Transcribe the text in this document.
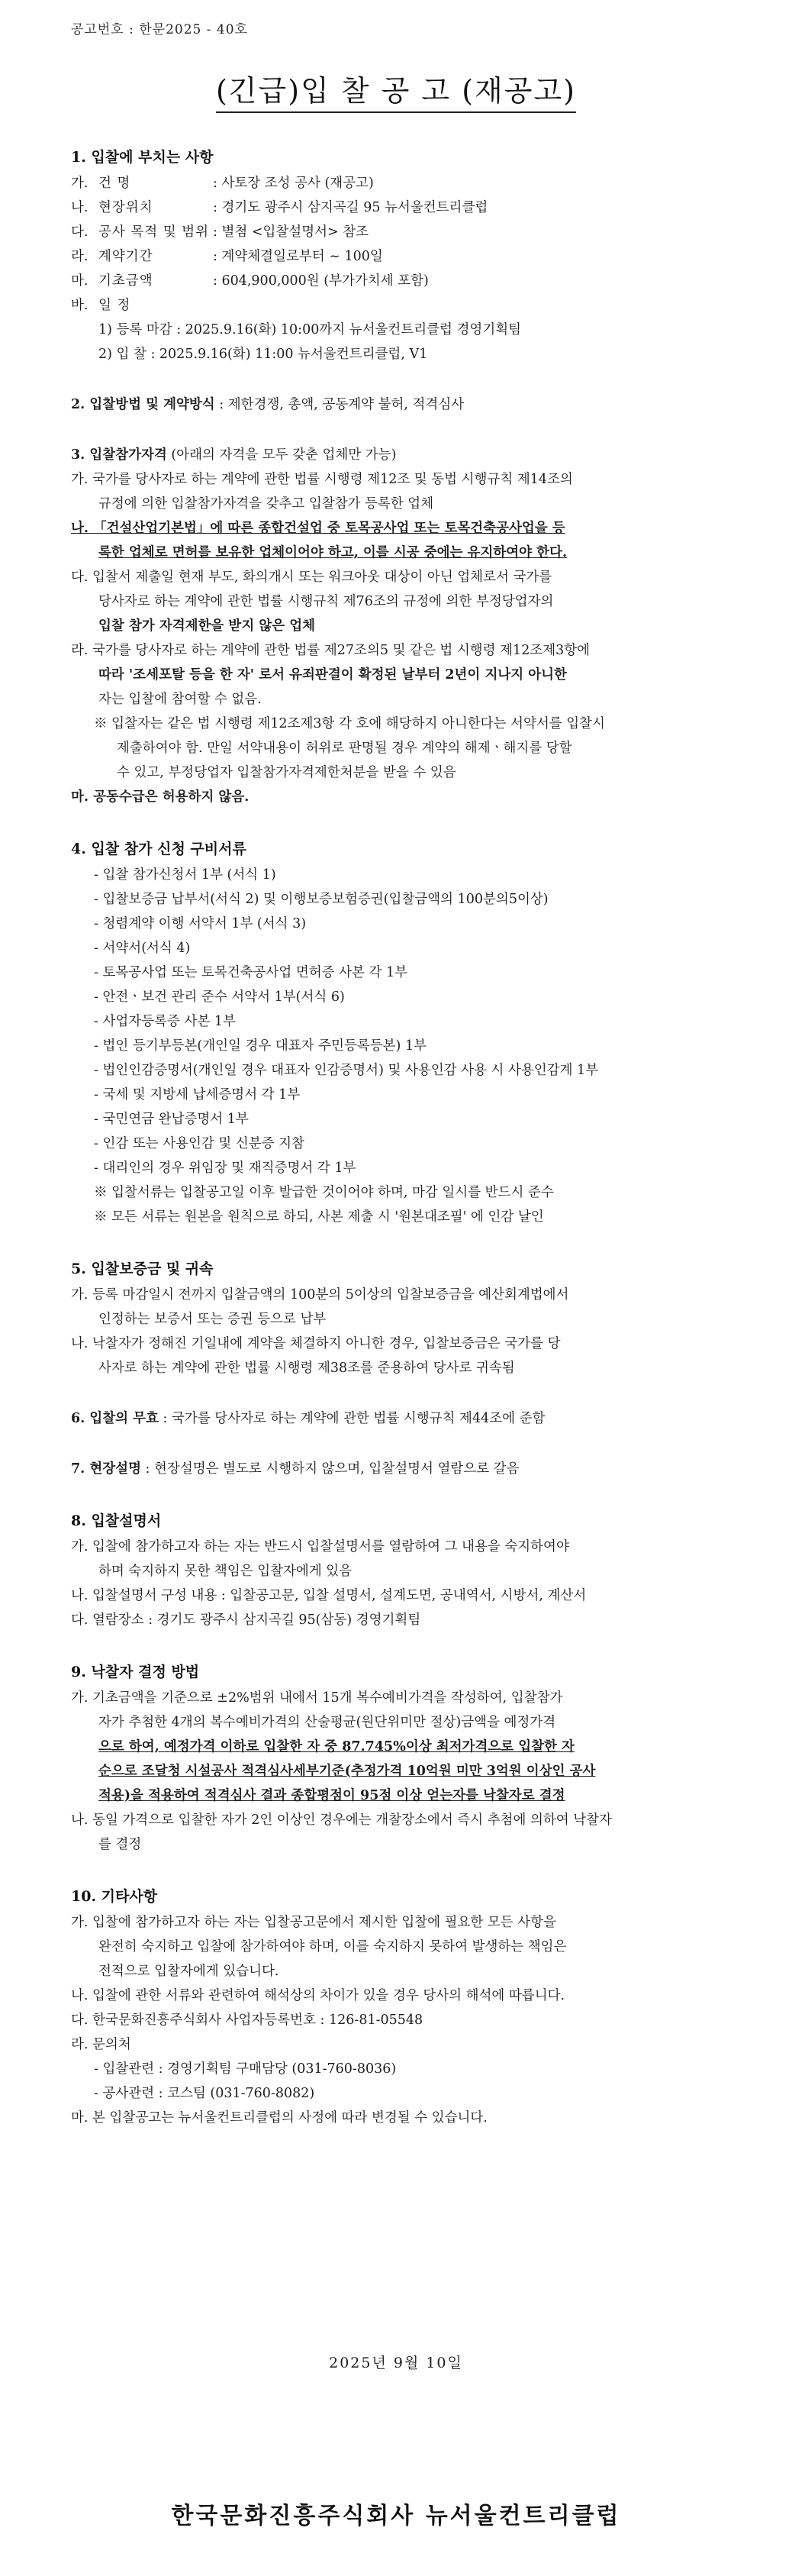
공고번호 : 한문2025 - 40호
(긴급)입 찰 공 고 (재공고)
1. 입찰에 부치는 사항
가. 건 명	: 사토장 조성 공사 (재공고)
나. 현장위치	: 경기도 광주시 삼지곡길 95 뉴서울컨트리클럽
다. 공사 목적 및 범위 : 별첨 <입찰설명서> 참조
라. 계약기간	: 계약체결일로부터 ~ 100일
마. 기초금액	: 604,900,000원 (부가가치세 포함)
바. 일 정
1) 등록 마감 : 2025.9.16(화) 10:00까지 뉴서울컨트리클럽 경영기획팀
2) 입 찰 : 2025.9.16(화) 11:00 뉴서울컨트리클럽, V1
2. 입찰방법 및 계약방식 : 제한경쟁, 총액, 공동계약 불허, 적격심사
3. 입찰참가자격 (아래의 자격을 모두 갖춘 업체만 가능)
가. 국가를 당사자로 하는 계약에 관한 법률 시행령 제12조 및 동법 시행규칙 제14조의
규정에 의한 입찰참가자격을 갖추고 입찰참가 등록한 업체
나. 「건설산업기본법」에 따른 종합건설업 중 토목공사업 또는 토목건축공사업을 등
록한 업체로 면허를 보유한 업체이어야 하고, 이를 시공 중에는 유지하여야 한다.
다. 입찰서 제출일 현재 부도, 화의개시 또는 워크아웃 대상이 아닌 업체로서 국가를
당사자로 하는 계약에 관한 법률 시행규칙 제76조의 규정에 의한 부정당업자의
입찰 참가 자격제한을 받지 않은 업체
라. 국가를 당사자로 하는 계약에 관한 법률 제27조의5 및 같은 법 시행령 제12조제3항에
따라 '조세포탈 등을 한 자' 로서 유죄판결이 확정된 날부터 2년이 지나지 아니한
자는 입찰에 참여할 수 없음.
※ 입찰자는 같은 법 시행령 제12조제3항 각 호에 해당하지 아니한다는 서약서를 입찰시
제출하여야 함. 만일 서약내용이 허위로 판명될 경우 계약의 해제ㆍ해지를 당할
수 있고, 부정당업자 입찰참가자격제한처분을 받을 수 있음
마. 공동수급은 허용하지 않음.
4. 입찰 참가 신청 구비서류
- 입찰 참가신청서 1부 (서식 1)
- 입찰보증금 납부서(서식 2) 및 이행보증보험증권(입찰금액의 100분의5이상)
- 청렴계약 이행 서약서 1부 (서식 3)
- 서약서(서식 4)
- 토목공사업 또는 토목건축공사업 면허증 사본 각 1부
- 안전ㆍ보건 관리 준수 서약서 1부(서식 6)
- 사업자등록증 사본 1부
- 법인 등기부등본(개인일 경우 대표자 주민등록등본) 1부
- 법인인감증명서(개인일 경우 대표자 인감증명서) 및 사용인감 사용 시 사용인감계 1부
- 국세 및 지방세 납세증명서 각 1부
- 국민연금 완납증명서 1부
- 인감 또는 사용인감 및 신분증 지참
- 대리인의 경우 위임장 및 재직증명서 각 1부
※ 입찰서류는 입찰공고일 이후 발급한 것이어야 하며, 마감 일시를 반드시 준수
※ 모든 서류는 원본을 원칙으로 하되, 사본 제출 시 '원본대조필' 에 인감 날인
5. 입찰보증금 및 귀속
가. 등록 마감일시 전까지 입찰금액의 100분의 5이상의 입찰보증금을 예산회계법에서
인정하는 보증서 또는 증권 등으로 납부
나. 낙찰자가 정해진 기일내에 계약을 체결하지 아니한 경우, 입찰보증금은 국가를 당
사자로 하는 계약에 관한 법률 시행령 제38조를 준용하여 당사로 귀속됨
6. 입찰의 무효 : 국가를 당사자로 하는 계약에 관한 법률 시행규칙 제44조에 준함
7. 현장설명 : 현장설명은 별도로 시행하지 않으며, 입찰설명서 열람으로 갈음
8. 입찰설명서
가. 입찰에 참가하고자 하는 자는 반드시 입찰설명서를 열람하여 그 내용을 숙지하여야
하며 숙지하지 못한 책임은 입찰자에게 있음
나. 입찰설명서 구성 내용 : 입찰공고문, 입찰 설명서, 설계도면, 공내역서, 시방서, 계산서
다. 열람장소 : 경기도 광주시 삼지곡길 95(삼동) 경영기획팀
9. 낙찰자 결정 방법
가. 기초금액을 기준으로 ±2%범위 내에서 15개 복수예비가격을 작성하여, 입찰참가
자가 추첨한 4개의 복수예비가격의 산술평균(원단위미만 절상)금액을 예정가격
으로 하여, 예정가격 이하로 입찰한 자 중 87.745%이상 최저가격으로 입찰한 자
순으로 조달청 시설공사 적격심사세부기준(추정가격 10억원 미만 3억원 이상인 공사
적용)을 적용하여 적격심사 결과 종합평점이 95점 이상 얻는자를 낙찰자로 결정
나. 동일 가격으로 입찰한 자가 2인 이상인 경우에는 개찰장소에서 즉시 추첨에 의하여 낙찰자
를 결정
10. 기타사항
가. 입찰에 참가하고자 하는 자는 입찰공고문에서 제시한 입찰에 필요한 모든 사항을
완전히 숙지하고 입찰에 참가하여야 하며, 이를 숙지하지 못하여 발생하는 책임은
전적으로 입찰자에게 있습니다.
나. 입찰에 관한 서류와 관련하여 해석상의 차이가 있을 경우 당사의 해석에 따릅니다.
다. 한국문화진흥주식회사 사업자등록번호 : 126-81-05548
라. 문의처
- 입찰관련 : 경영기획팀 구매담당 (031-760-8036)
- 공사관련 : 코스팀 (031-760-8082)
마. 본 입찰공고는 뉴서울컨트리클럽의 사정에 따라 변경될 수 있습니다.
2025년 9월 10일
한국문화진흥주식회사 뉴서울컨트리클럽
